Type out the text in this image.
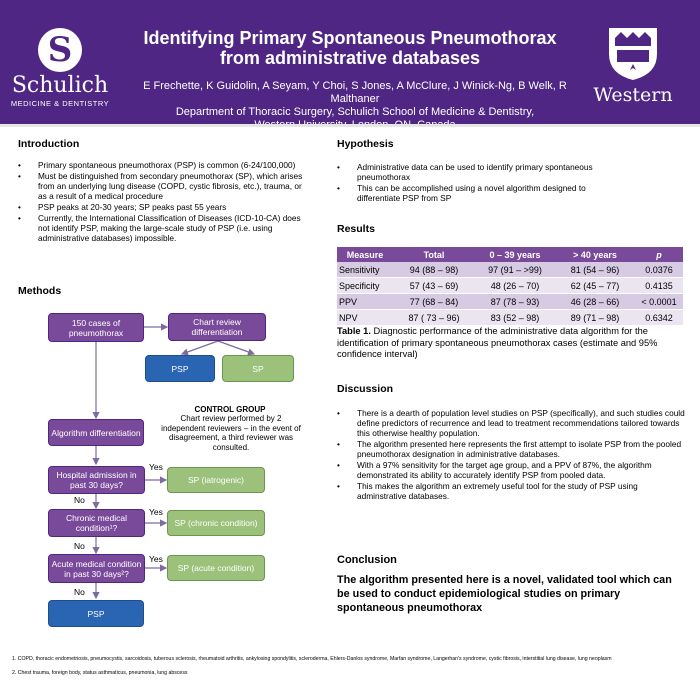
S
Schulich
MEDICINE & DENTISTRY
Identifying Primary Spontaneous Pneumothorax
from administrative databases
E Frechette, K Guidolin, A Seyam, Y Choi, S Jones, A McClure, J Winick-Ng, B Welk, R Malthaner
Department of Thoracic Surgery, Schulich School of Medicine & Dentistry,
Western
Introduction
• Primary spontaneous pneumothorax (PSP) is common (6-24/100,000)
• Must be distinguished from secondary pneumothorax (SP), which arises from an underlying lung disease (COPD, cystic fibrosis, etc.), trauma, or as a result of a medical procedure
• PSP peaks at 20-30 years; SP peaks past 55 years
• Currently, the International Classification of Diseases (ICD-10-CA) does not identify PSP, making the large-scale study of PSP (i.e. using administrative databases) impossible.
Methods
150 cases of pneumothorax
Chart review differentiation
PSP	SP
CONTROL GROUP
Chart review performed by 2 independent reviewers – in the event of disagreement, a third reviewer was consulted.
Algorithm differentiation
Hospital admission in past 30 days?	SP (iatrogenic)
Chronic medical condition¹?	SP (chronic condition)
Acute medical condition in past 30 days²?
SP (acute condition)
PSP
Yes
No
Yes
No
Yes
No
Hypothesis
• Administrative data can be used to identify primary spontaneous pneumothorax
• This can be accomplished using a novel algorithm designed to differentiate PSP from SP
Results
Measure	Total	0 – 39 years	> 40 years	p
Sensitivity	94 (88 – 98)	97 (91 – >99)	81 (54 – 96)	0.0376
Specificity	57 (43 – 69)	48 (26 – 70)	62 (45 – 77)	0.4135
PPV	77 (68 – 84)	87 (78 – 93)	46 (28 – 66)	< 0.0001
NPV	87 ( 73 – 96)	83 (52 – 98)	89 (71 – 98)	0.6342
Table 1. Diagnostic performance of the administrative data algorithm for the identification of primary spontaneous pneumothorax cases (estimate and 95% confidence interval)
Discussion
• There is a dearth of population level studies on PSP (specifically), and such studies could define predictors of recurrence and lead to treatment recommendations tailored towards this otherwise healthy population.
• The algorithm presented here represents the first attempt to isolate PSP from the pooled pneumothorax designation in administrative databases.
• With a 97% sensitivity for the target age group, and a PPV of 87%, the algorithm demonstrated its ability to accurately identify PSP from pooled data.
• This makes the algorithm an extremely useful tool for the study of PSP using adminstrative databases.
Conclusion
The algorithm presented here is a novel, validated tool which can be used to conduct epidemiological studies on primary spontaneous pneumothorax
1. COPD, thoracic endometriosis, pneumocystis, sarcoidosis, tuberous sclerosis, rheumatoid arthritis, ankylosing spondylitis, scleroderma, Ehlers-Danlos syndrome, Marfan syndrome, Langerhan's syndrome, cystic fibrosis, interstitial lung disease, lung neoplasm
2. Chest trauma, foreign body, status asthmaticus, pneumonia, lung abscess
